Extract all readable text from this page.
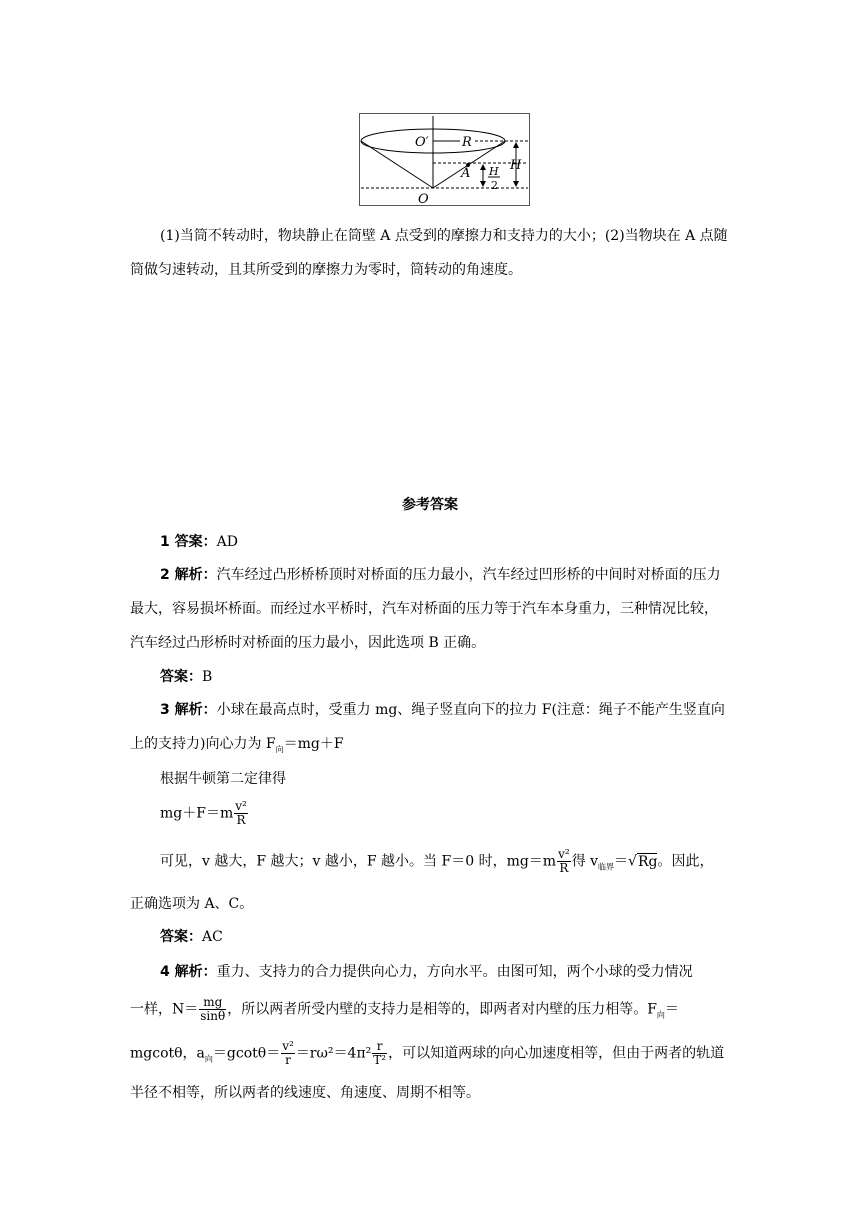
O′	R
H
H
2
A
O

(1)当筒不转动时，物块静止在筒壁 A 点受到的摩擦力和支持力的大小；(2)当物块在 A 点随筒做匀速转动，且其所受到的摩擦力为零时，筒转动的角速度。

参考答案

1 答案：AD

2 解析：汽车经过凸形桥桥顶时对桥面的压力最小，汽车经过凹形桥的中间时对桥面的压力最大，容易损坏桥面。而经过水平桥时，汽车对桥面的压力等于汽车本身重力，三种情况比较，汽车经过凸形桥时对桥面的压力最小，因此选项 B 正确。

答案：B

3 解析：小球在最高点时，受重力 mg、绳子竖直向下的拉力 F(注意：绳子不能产生竖直向上的支持力)向心力为 $F_向=mg+F$

根据牛顿第二定律得

$mg+F=m \frac{\text{v²}}{R}$

可见，v 越大，F 越大；v 越小，F 越小。当 F＝0 时，$mg=m \frac{\text{v²}}{R}$ 得 $v_{临界}=√Rg$。因此，

正确选项为 A、C。

答案：AC

4 解析：重力、支持力的合力提供向心力，方向水平。由图可知，两个小球的受力情况

一样，$N= \frac{mg}{\sin\theta}$ ，所以两者所受内壁的支持力是相等的，即两者对内壁的压力相等。$F_向=$

mgcotθ，$a_向=gcot\theta= \frac{\text{v²}}{r} =r\omega^2=4\pi^2 \frac{r}{\text{T²}}$ ，可以知道两球的向心加速度相等，但由于两者的轨道

半径不相等，所以两者的线速度、角速度、周期不相等。
